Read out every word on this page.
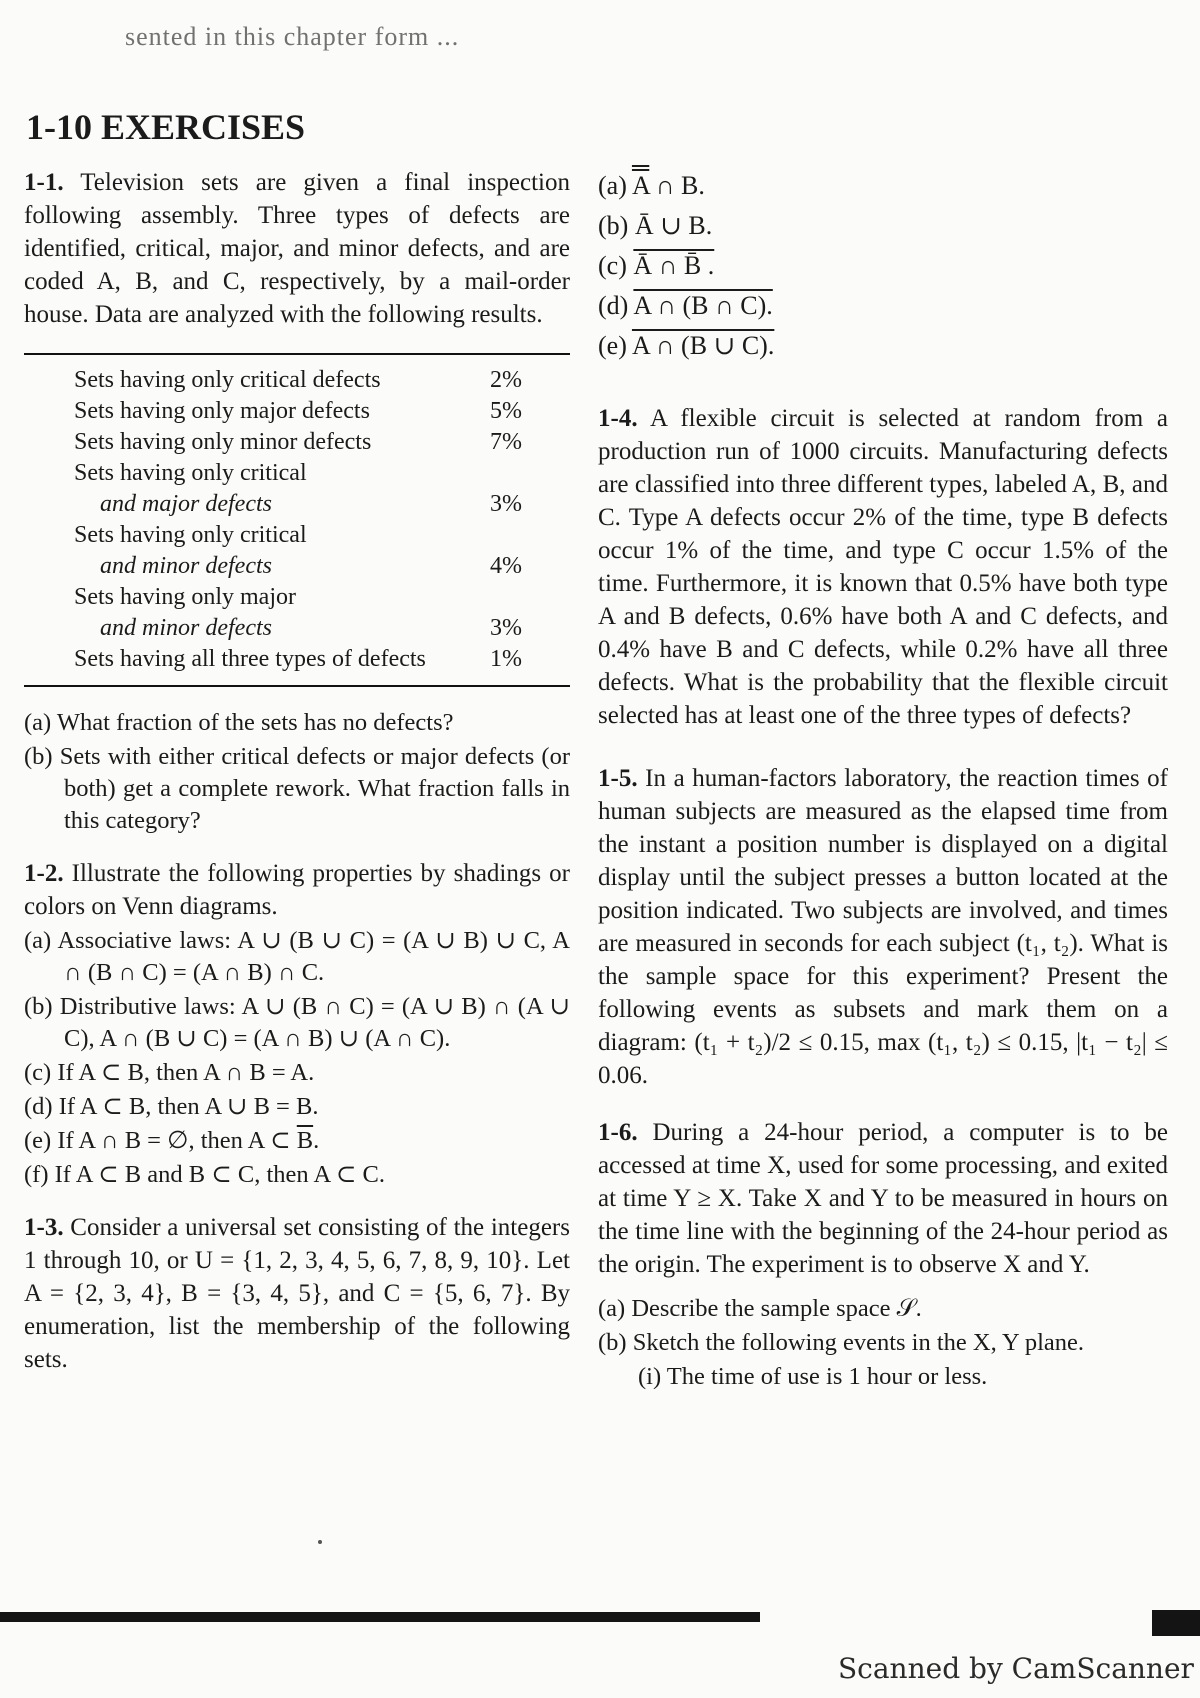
sented in this chapter form ...
1-10 EXERCISES

1-1. Television sets are given a final inspection following assembly. Three types of defects are identified, critical, major, and minor defects, and are coded A, B, and C, respectively, by a mail-order house. Data are analyzed with the following results.

Sets having only critical defects	2%
Sets having only major defects	5%
Sets having only minor defects	7%

Sets having only critical
and major defects	3%

Sets having only critical
and minor defects	4%

Sets having only major
and minor defects	3%
Sets having all three types of defects	1%
(a) What fraction of the sets has no defects?
(b) Sets with either critical defects or major defects (or both) get a complete rework. What fraction falls in this category?

1-2. Illustrate the following properties by shadings or colors on Venn diagrams.

(a) Associative laws: A ∪ (B ∪ C) = (A ∪ B) ∪ C, A ∩ (B ∩ C) = (A ∩ B) ∩ C.
(b) Distributive laws: A ∪ (B ∩ C) = (A ∪ B) ∩ (A ∪ C), A ∩ (B ∪ C) = (A ∩ B) ∪ (A ∩ C).
(c) If A ⊂ B, then A ∩ B = A.
(d) If A ⊂ B, then A ∪ B = B.
(e) If A ∩ B = ∅, then A ⊂ $\overline{B}$.
(f) If A ⊂ B and B ⊂ C, then A ⊂ C.

1-3. Consider a universal set consisting of the integers 1 through 10, or U = {1, 2, 3, 4, 5, 6, 7, 8, 9, 10}. Let A = {2, 3, 4}, B = {3, 4, 5}, and C = {5, 6, 7}. By enumeration, list the membership of the following sets.

(a) A ∩ B.
(b) Ā ∪ B.
(c) Ā ∩ B̄ .
(d) A ∩ (B ∩ C).
(e) A ∩ (B ∪ C).

1-4. A flexible circuit is selected at random from a production run of 1000 circuits. Manufacturing defects are classified into three different types, labeled A, B, and C. Type A defects occur 2% of the time, type B defects occur 1% of the time, and type C occur 1.5% of the time. Furthermore, it is known that 0.5% have both type A and B defects, 0.6% have both A and C defects, and 0.4% have B and C defects, while 0.2% have all three defects. What is the probability that the flexible circuit selected has at least one of the three types of defects?

1-5. In a human-factors laboratory, the reaction times of human subjects are measured as the elapsed time from the instant a position number is displayed on a digital display until the subject presses a button located at the position indicated. Two subjects are involved, and times are measured in seconds for each subject (t₁, t₂). What is the sample space for this experiment? Present the following events as subsets and mark them on a diagram: (t₁ + t₂)/2 ≤ 0.15, max (t₁, t₂) ≤ 0.15, |t₁ − t₂| ≤ 0.06.

1-6. During a 24-hour period, a computer is to be accessed at time X, used for some processing, and exited at time Y ≥ X. Take X and Y to be measured in hours on the time line with the beginning of the 24-hour period as the origin. The experiment is to observe X and Y.

(a) Describe the sample space 𝒮.
(b) Sketch the following events in the X, Y plane.
(i) The time of use is 1 hour or less.
Scanned by CamScanner
